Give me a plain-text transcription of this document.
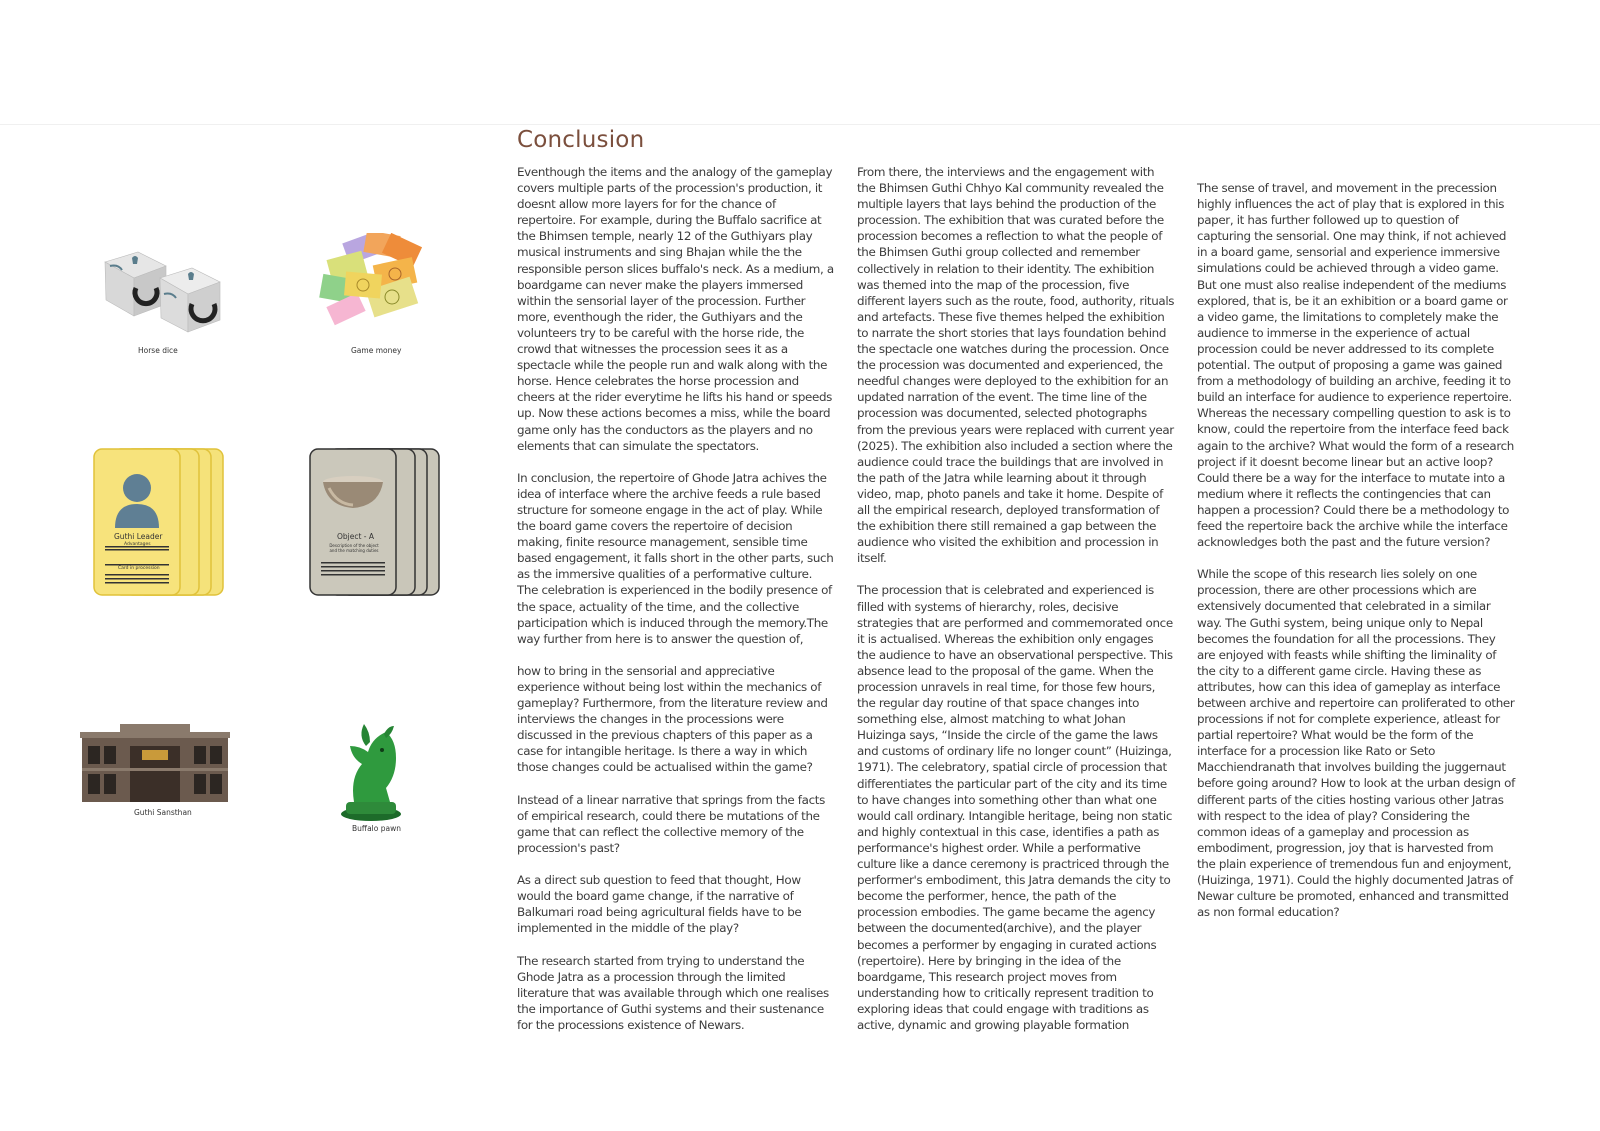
Horse dice	Game money
Guthi Leader
Advantages
Card in procession
Object - A
Description of the object and the matching duties
Guthi Sansthan
Buffalo pawn
Conclusion

Eventhough the items and the analogy of the gameplay covers multiple parts of the procession's production, it doesnt allow more layers for for the chance of repertoire. For example, during the Buffalo sacrifice at the Bhimsen temple, nearly 12 of the Guthiyars play musical instruments and sing Bhajan while the the responsible person slices buffalo's neck. As a medium, a boardgame can never make the players immersed within the sensorial layer of the procession. Further more, eventhough the rider, the Guthiyars and the volunteers try to be careful with the horse ride, the crowd that witnesses the procession sees it as a spectacle while the people run and walk along with the horse. Hence celebrates the horse procession and cheers at the rider everytime he lifts his hand or speeds up. Now these actions becomes a miss, while the board game only has the conductors as the players and no elements that can simulate the spectators.

In conclusion, the repertoire of Ghode Jatra achives the idea of interface where the archive feeds a rule based structure for someone engage in the act of play. While the board game covers the repertoire of decision making, finite resource management, sensible time based engagement, it falls short in the other parts, such as the immersive qualities of a performative culture. The celebration is experienced in the bodily presence of the space, actuality of the time, and the collective participation which is induced through the memory.The way further from here is to answer the question of,

how to bring in the sensorial and appreciative experience without being lost within the mechanics of gameplay? Furthermore, from the literature review and interviews the changes in the processions were discussed in the previous chapters of this paper as a case for intangible heritage. Is there a way in which those changes could be actualised within the game?

Instead of a linear narrative that springs from the facts of empirical research, could there be mutations of the game that can reflect the collective memory of the procession's past?

As a direct sub question to feed that thought, How would the board game change, if the narrative of Balkumari road being agricultural fields have to be implemented in the middle of the play?

The research started from trying to understand the Ghode Jatra as a procession through the limited literature that was available through which one realises the importance of Guthi systems and their sustenance for the processions existence of Newars.

From there, the interviews and the engagement with the Bhimsen Guthi Chhyo Kal community revealed the multiple layers that lays behind the production of the procession. The exhibition that was curated before the procession becomes a reflection to what the people of the Bhimsen Guthi group collected and remember collectively in relation to their identity. The exhibition was themed into the map of the procession, five different layers such as the route, food, authority, rituals and artefacts. These five themes helped the exhibition to narrate the short stories that lays foundation behind the spectacle one watches during the procession. Once the procession was documented and experienced, the needful changes were deployed to the exhibition for an updated narration of the event. The time line of the procession was documented, selected photographs from the previous years were replaced with current year (2025). The exhibition also included a section where the audience could trace the buildings that are involved in the path of the Jatra while learning about it through video, map, photo panels and take it home. Despite of all the empirical research, deployed transformation of the exhibition there still remained a gap between the audience who visited the exhibition and procession in itself.

The procession that is celebrated and experienced is filled with systems of hierarchy, roles, decisive strategies that are performed and commemorated once it is actualised. Whereas the exhibition only engages the audience to have an observational perspective. This absence lead to the proposal of the game. When the procession unravels in real time, for those few hours, the regular day routine of that space changes into something else, almost matching to what Johan Huizinga says, “Inside the circle of the game the laws and customs of ordinary life no longer count” (Huizinga, 1971). The celebratory, spatial circle of procession that differentiates the particular part of the city and its time to have changes into something other than what one would call ordinary. Intangible heritage, being non static and highly contextual in this case, identifies a path as performance's highest order. While a performative culture like a dance ceremony is practriced through the performer's embodiment, this Jatra demands the city to become the performer, hence, the path of the procession embodies. The game became the agency between the documented(archive), and the player becomes a performer by engaging in curated actions (repertoire). Here by bringing in the idea of the boardgame, This research project moves from understanding how to critically represent tradition to exploring ideas that could engage with traditions as active, dynamic and growing playable formation

The sense of travel, and movement in the precession highly influences the act of play that is explored in this paper, it has further followed up to question of capturing the sensorial. One may think, if not achieved in a board game, sensorial and experience immersive simulations could be achieved through a video game. But one must also realise independent of the mediums explored, that is, be it an exhibition or a board game or a video game, the limitations to completely make the audience to immerse in the experience of actual procession could be never addressed to its complete potential. The output of proposing a game was gained from a methodology of building an archive, feeding it to build an interface for audience to experience repertoire. Whereas the necessary compelling question to ask is to know, could the repertoire from the interface feed back again to the archive? What would the form of a research project if it doesnt become linear but an active loop? Could there be a way for the interface to mutate into a medium where it reflects the contingencies that can happen a procession? Could there be a methodology to feed the repertoire back the archive while the interface acknowledges both the past and the future version?

While the scope of this research lies solely on one procession, there are other processions which are extensively documented that celebrated in a similar way. The Guthi system, being unique only to Nepal becomes the foundation for all the processions. They are enjoyed with feasts while shifting the liminality of the city to a different game circle. Having these as attributes, how can this idea of gameplay as interface between archive and repertoire can proliferated to other processions if not for complete experience, atleast for partial repertoire? What would be the form of the interface for a procession like Rato or Seto Macchiendranath that involves building the juggernaut before going around? How to look at the urban design of different parts of the cities hosting various other Jatras with respect to the idea of play? Considering the common ideas of a gameplay and procession as embodiment, progression, joy that is harvested from the plain experience of tremendous fun and enjoyment, (Huizinga, 1971). Could the highly documented Jatras of Newar culture be promoted, enhanced and transmitted as non formal education?
